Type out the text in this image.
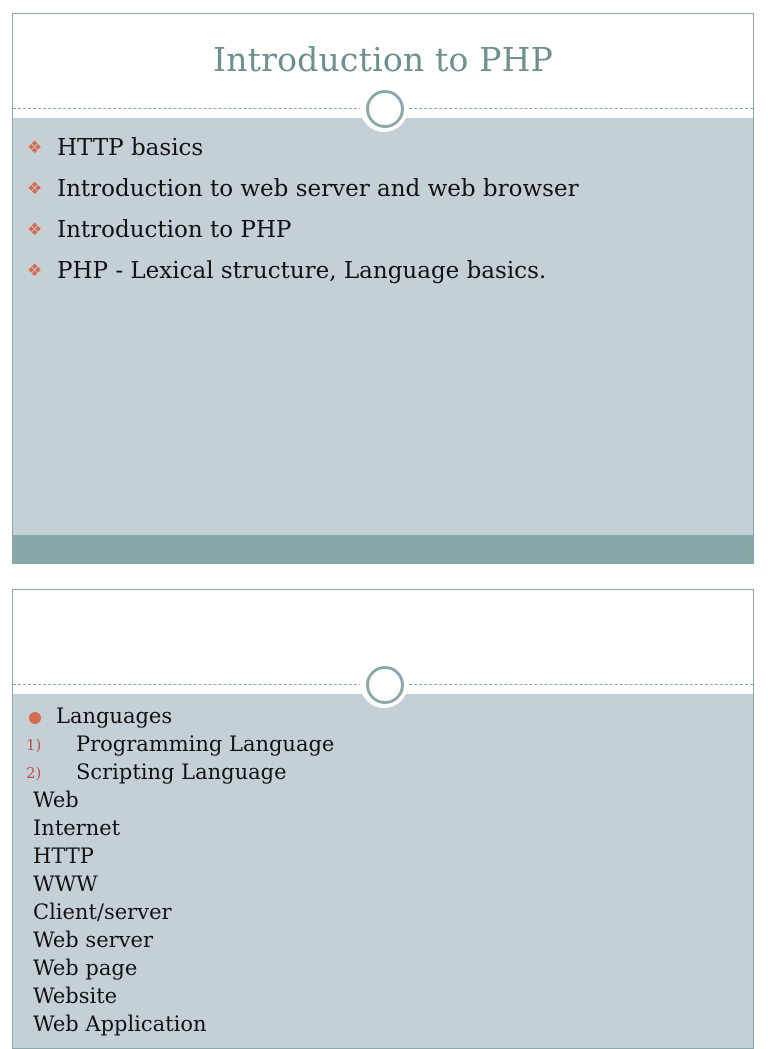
Introduction to PHP
❖ HTTP basics
❖ Introduction to web server and web browser
❖ Introduction to PHP
❖ PHP - Lexical structure, Language basics.
Languages
1) Programming Language
2) Scripting Language
Web
Internet
HTTP
WWW
Client/server
Web server
Web page
Website
Web Application
